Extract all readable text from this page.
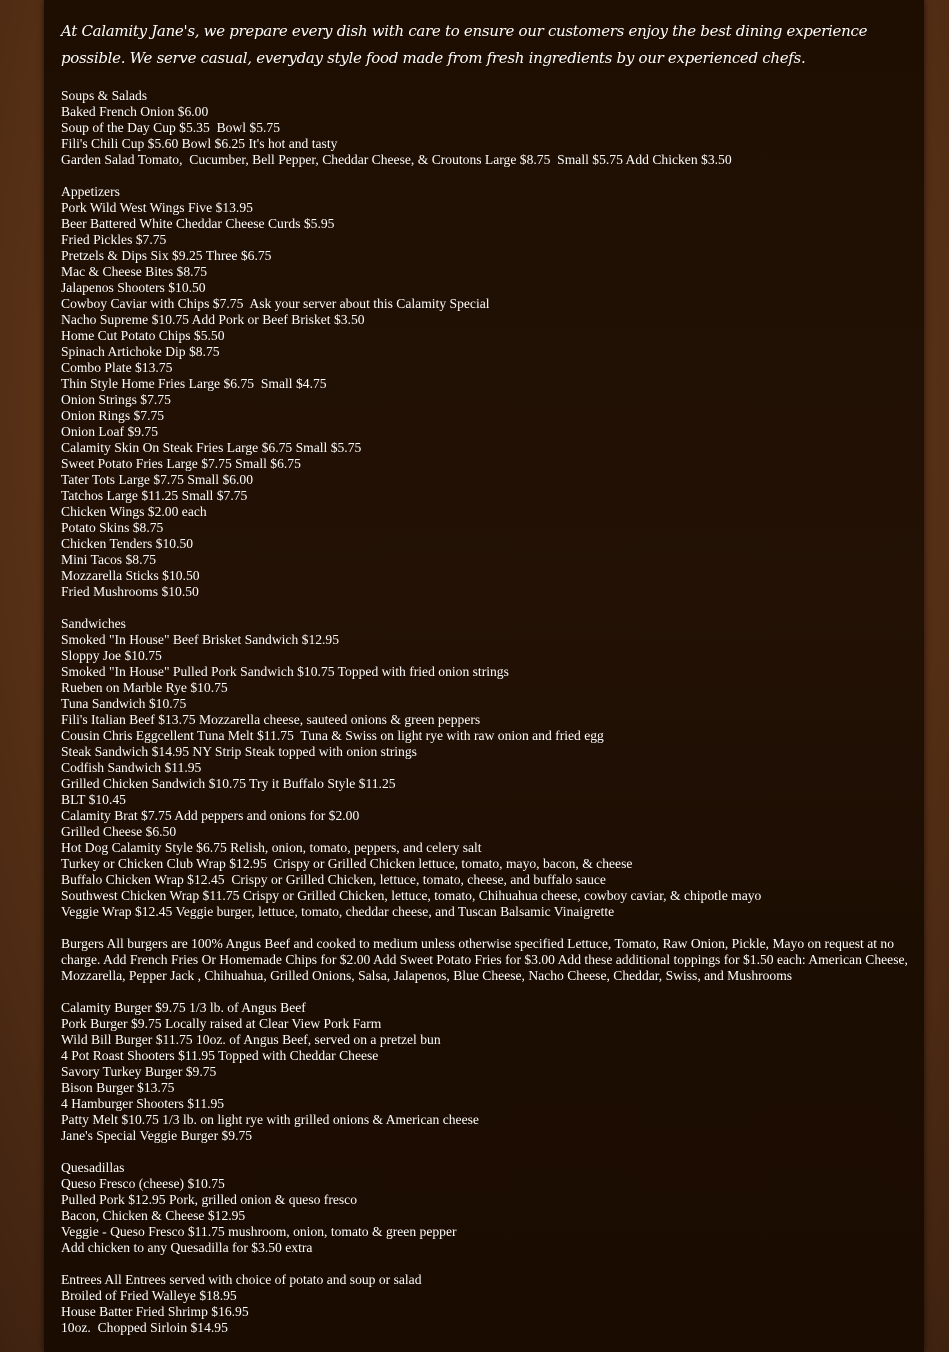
At Calamity Jane's, we prepare every dish with care to ensure our customers enjoy the best dining experience possible. We serve casual, everyday style food made from fresh ingredients by our experienced chefs.

Soups & Salads
Baked French Onion $6.00
Soup of the Day Cup $5.35  Bowl $5.75
Fili's Chili Cup $5.60 Bowl $6.25 It's hot and tasty
Garden Salad Tomato,  Cucumber, Bell Pepper, Cheddar Cheese, & Croutons Large $8.75  Small $5.75 Add Chicken $3.50
Appetizers
Pork Wild West Wings Five $13.95
Beer Battered White Cheddar Cheese Curds $5.95
Fried Pickles $7.75
Pretzels & Dips Six $9.25 Three $6.75
Mac & Cheese Bites $8.75
Jalapenos Shooters $10.50
Cowboy Caviar with Chips $7.75  Ask your server about this Calamity Special
Nacho Supreme $10.75 Add Pork or Beef Brisket $3.50
Home Cut Potato Chips $5.50
Spinach Artichoke Dip $8.75
Combo Plate $13.75
Thin Style Home Fries Large $6.75  Small $4.75
Onion Strings $7.75
Onion Rings $7.75
Onion Loaf $9.75
Calamity Skin On Steak Fries Large $6.75 Small $5.75
Sweet Potato Fries Large $7.75 Small $6.75
Tater Tots Large $7.75 Small $6.00
Tatchos Large $11.25 Small $7.75
Chicken Wings $2.00 each
Potato Skins $8.75
Chicken Tenders $10.50
Mini Tacos $8.75
Mozzarella Sticks $10.50
Fried Mushrooms $10.50
Sandwiches
Smoked "In House" Beef Brisket Sandwich $12.95
Sloppy Joe $10.75
Smoked "In House" Pulled Pork Sandwich $10.75 Topped with fried onion strings
Rueben on Marble Rye $10.75
Tuna Sandwich $10.75
Fili's Italian Beef $13.75 Mozzarella cheese, sauteed onions & green peppers
Cousin Chris Eggcellent Tuna Melt $11.75  Tuna & Swiss on light rye with raw onion and fried egg
Steak Sandwich $14.95 NY Strip Steak topped with onion strings
Codfish Sandwich $11.95
Grilled Chicken Sandwich $10.75 Try it Buffalo Style $11.25
BLT $10.45
Calamity Brat $7.75 Add peppers and onions for $2.00
Grilled Cheese $6.50
Hot Dog Calamity Style $6.75 Relish, onion, tomato, peppers, and celery salt
Turkey or Chicken Club Wrap $12.95  Crispy or Grilled Chicken lettuce, tomato, mayo, bacon, & cheese
Buffalo Chicken Wrap $12.45  Crispy or Grilled Chicken, lettuce, tomato, cheese, and buffalo sauce
Southwest Chicken Wrap $11.75 Crispy or Grilled Chicken, lettuce, tomato, Chihuahua cheese, cowboy caviar, & chipotle mayo
Veggie Wrap $12.45 Veggie burger, lettuce, tomato, cheddar cheese, and Tuscan Balsamic Vinaigrette
Burgers All burgers are 100% Angus Beef and cooked to medium unless otherwise specified Lettuce, Tomato, Raw Onion, Pickle, Mayo on request at no charge. Add French Fries Or Homemade Chips for $2.00 Add Sweet Potato Fries for $3.00 Add these additional toppings for $1.50 each: American Cheese, Mozzarella, Pepper Jack , Chihuahua, Grilled Onions, Salsa, Jalapenos, Blue Cheese, Nacho Cheese, Cheddar, Swiss, and Mushrooms
Calamity Burger $9.75 1/3 lb. of Angus Beef
Pork Burger $9.75 Locally raised at Clear View Pork Farm
Wild Bill Burger $11.75 10oz. of Angus Beef, served on a pretzel bun
4 Pot Roast Shooters $11.95 Topped with Cheddar Cheese
Savory Turkey Burger $9.75
Bison Burger $13.75
4 Hamburger Shooters $11.95
Patty Melt $10.75 1/3 lb. on light rye with grilled onions & American cheese
Jane's Special Veggie Burger $9.75
Quesadillas
Queso Fresco (cheese) $10.75
Pulled Pork $12.95 Pork, grilled onion & queso fresco
Bacon, Chicken & Cheese $12.95
Veggie - Queso Fresco $11.75 mushroom, onion, tomato & green pepper
Add chicken to any Quesadilla for $3.50 extra
Entrees All Entrees served with choice of potato and soup or salad
Broiled of Fried Walleye $18.95
House Batter Fried Shrimp $16.95
10oz.  Chopped Sirloin $14.95
